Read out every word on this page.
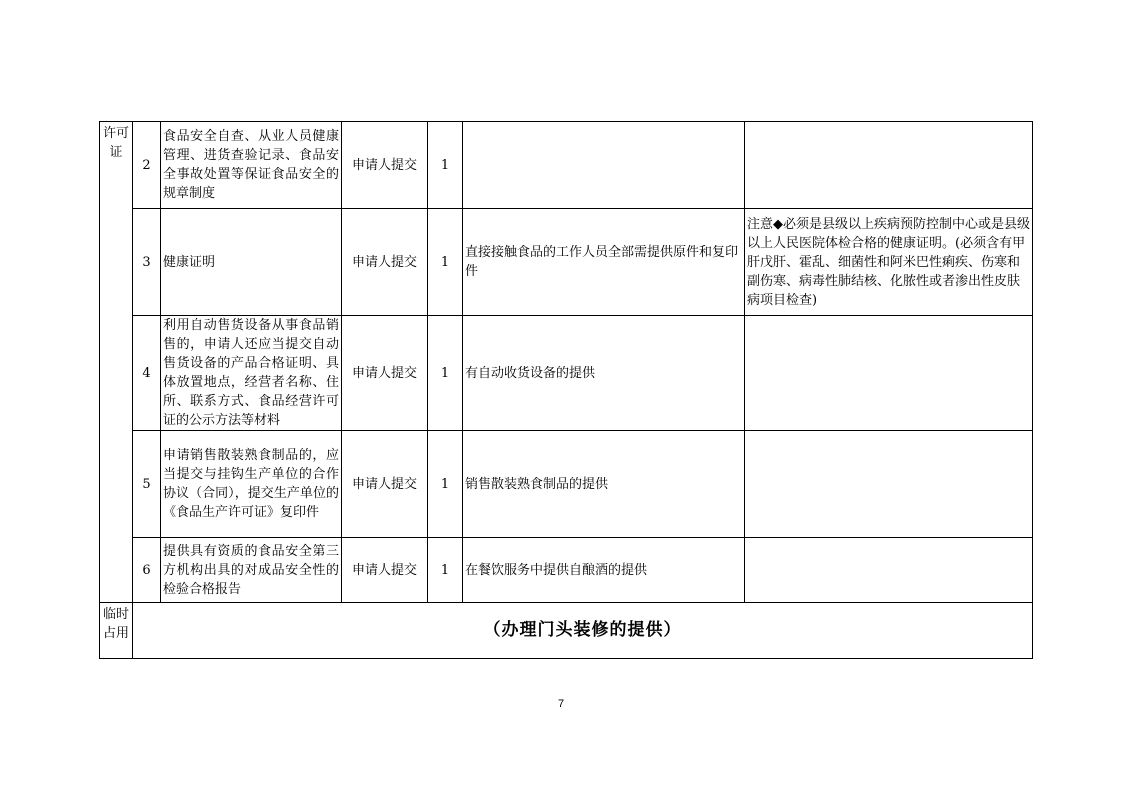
许可证	2	食品安全自查、从业人员健康管理、进货查验记录、食品安全事故处置等保证食品安全的规章制度	申请人提交	1		
	3	健康证明	申请人提交	1	直接接触食品的工作人员全部需提供原件和复印件	注意◆必须是县级以上疾病预防控制中心或是县级以上人民医院体检合格的健康证明。(必须含有甲肝戊肝、霍乱、细菌性和阿米巴性痢疾、伤寒和副伤寒、病毒性肺结核、化脓性或者渗出性皮肤病项目检查)
	4	利用自动售货设备从事食品销售的，申请人还应当提交自动售货设备的产品合格证明、具体放置地点，经营者名称、住所、联系方式、食品经营许可证的公示方法等材料	申请人提交	1	有自动收货设备的提供	
	5	申请销售散装熟食制品的，应当提交与挂钩生产单位的合作协议（合同），提交生产单位的《食品生产许可证》复印件	申请人提交	1	销售散装熟食制品的提供	
	6	提供具有资质的食品安全第三方机构出具的对成品安全性的检验合格报告	申请人提交	1	在餐饮服务中提供自酿酒的提供	
临时占用	（办理门头装修的提供）					
7
